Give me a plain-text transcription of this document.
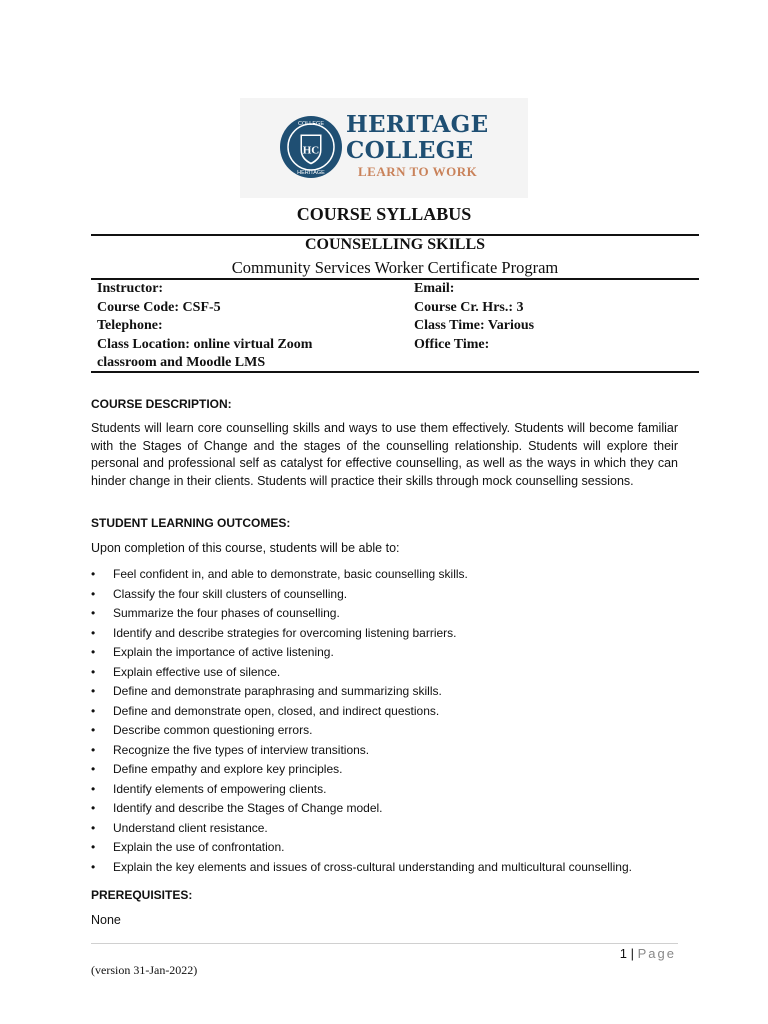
HC
COLLEGE
HERITAGE
HERITAGE
COLLEGE
LEARN TO WORK
COURSE SYLLABUS
COUNSELLING SKILLS
Community Services Worker Certificate Program
Instructor:
Course Code: CSF-5
Telephone:
Class Location: online virtual Zoom
classroom and Moodle LMS
Email:
Course Cr. Hrs.: 3
Class Time: Various
Office Time:
COURSE DESCRIPTION:
Students will learn core counselling skills and ways to use them effectively. Students will become familiar with the Stages of Change and the stages of the counselling relationship. Students will explore their personal and professional self as catalyst for effective counselling, as well as the ways in which they can hinder change in their clients. Students will practice their skills through mock counselling sessions.
STUDENT LEARNING OUTCOMES:
Upon completion of this course, students will be able to:
• Feel confident in, and able to demonstrate, basic counselling skills.
• Classify the four skill clusters of counselling.
• Summarize the four phases of counselling.
• Identify and describe strategies for overcoming listening barriers.
• Explain the importance of active listening.
• Explain effective use of silence.
• Define and demonstrate paraphrasing and summarizing skills.
• Define and demonstrate open, closed, and indirect questions.
• Describe common questioning errors.
• Recognize the five types of interview transitions.
• Define empathy and explore key principles.
• Identify elements of empowering clients.
• Identify and describe the Stages of Change model.
• Understand client resistance.
• Explain the use of confrontation.
• Explain the key elements and issues of cross-cultural understanding and multicultural counselling.
PREREQUISITES:
None
1 | Page
(version 31-Jan-2022)
